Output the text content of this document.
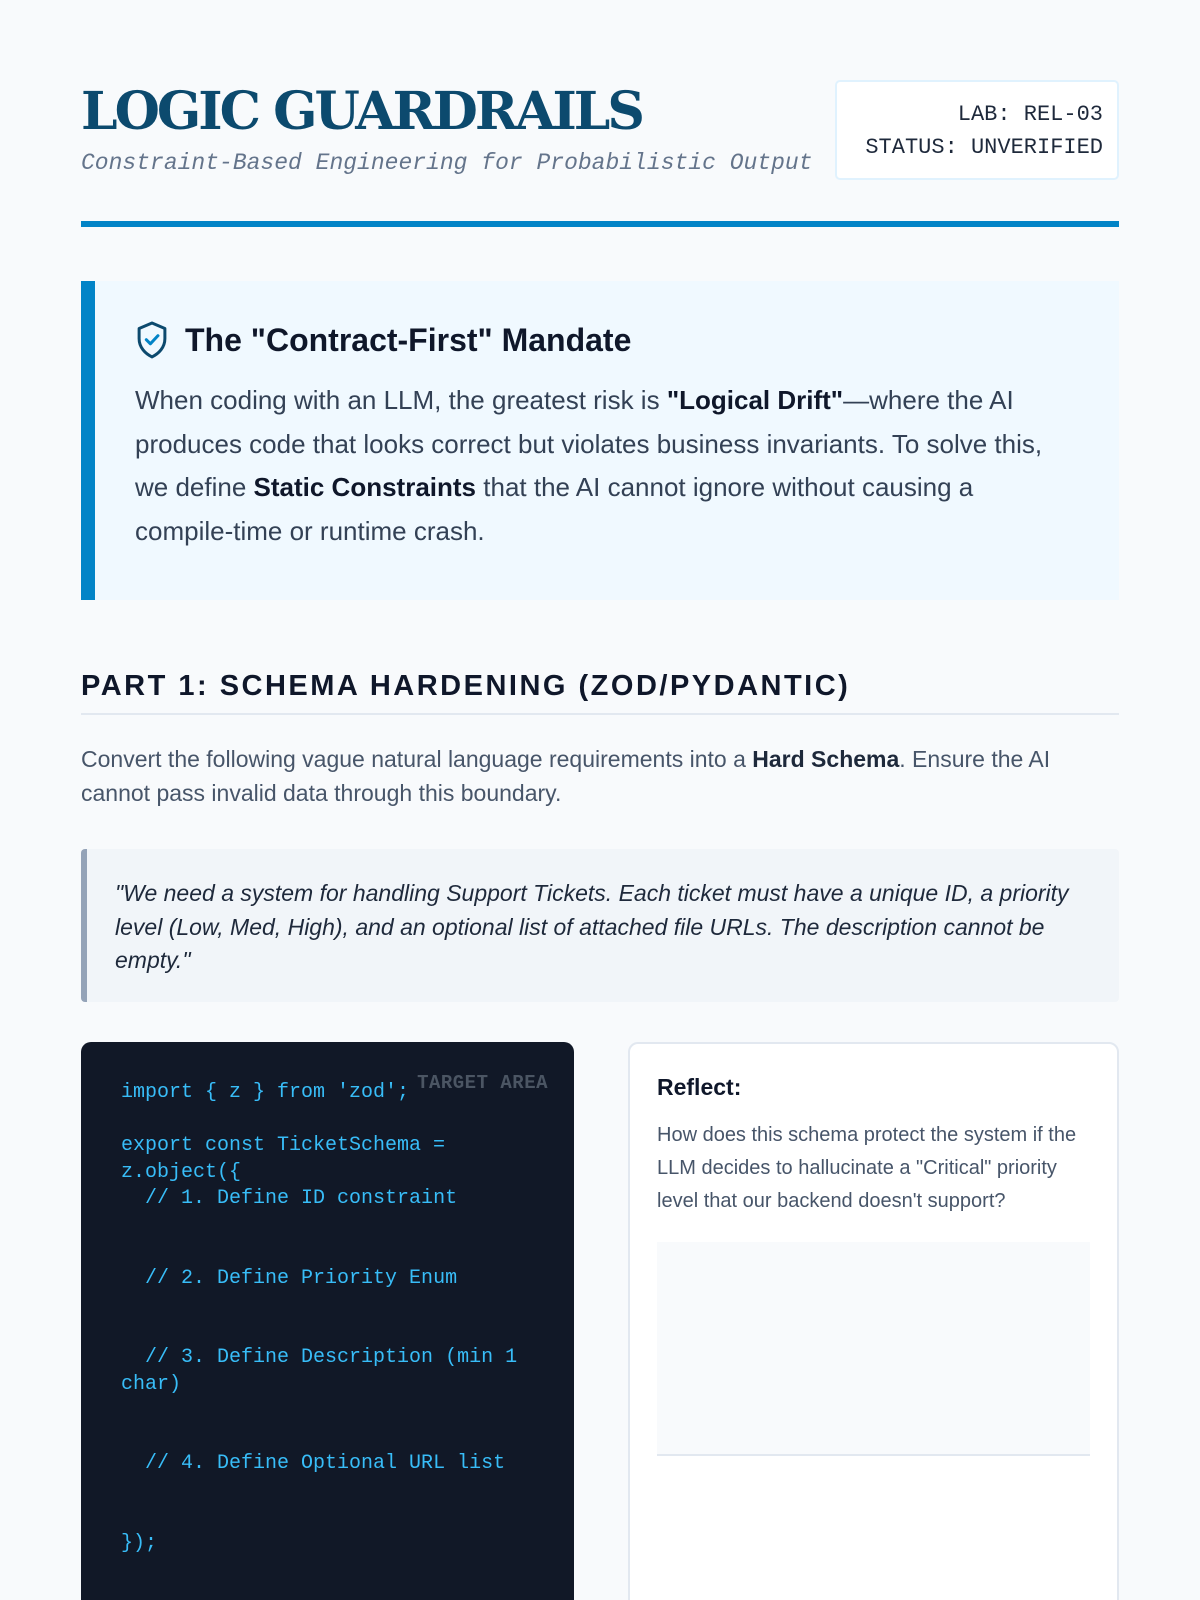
LOGIC GUARDRAILS
Constraint-Based Engineering for Probabilistic Output
LAB: REL-03
STATUS: UNVERIFIED
The "Contract-First" Mandate

When coding with an LLM, the greatest risk is "Logical Drift"—where the AI produces code that looks correct but violates business invariants. To solve this, we define Static Constraints that the AI cannot ignore without causing a compile-time or runtime crash.

PART 1: SCHEMA HARDENING (ZOD/PYDANTIC)

Convert the following vague natural language requirements into a Hard Schema. Ensure the AI cannot pass invalid data through this boundary.

"We need a system for handling Support Tickets. Each ticket must have a unique ID, a priority level (Low, Med, High), and an optional list of attached file URLs. The description cannot be empty."
TARGET AREA
import { z } from 'zod';

export const TicketSchema = z.object({
// 1. Define ID constraint

// 2. Define Priority Enum

// 3. Define Description (min 1 char)

// 4. Define Optional URL list

});
Reflect:

How does this schema protect the system if the LLM decides to hallucinate a "Critical" priority level that our backend doesn't support?
